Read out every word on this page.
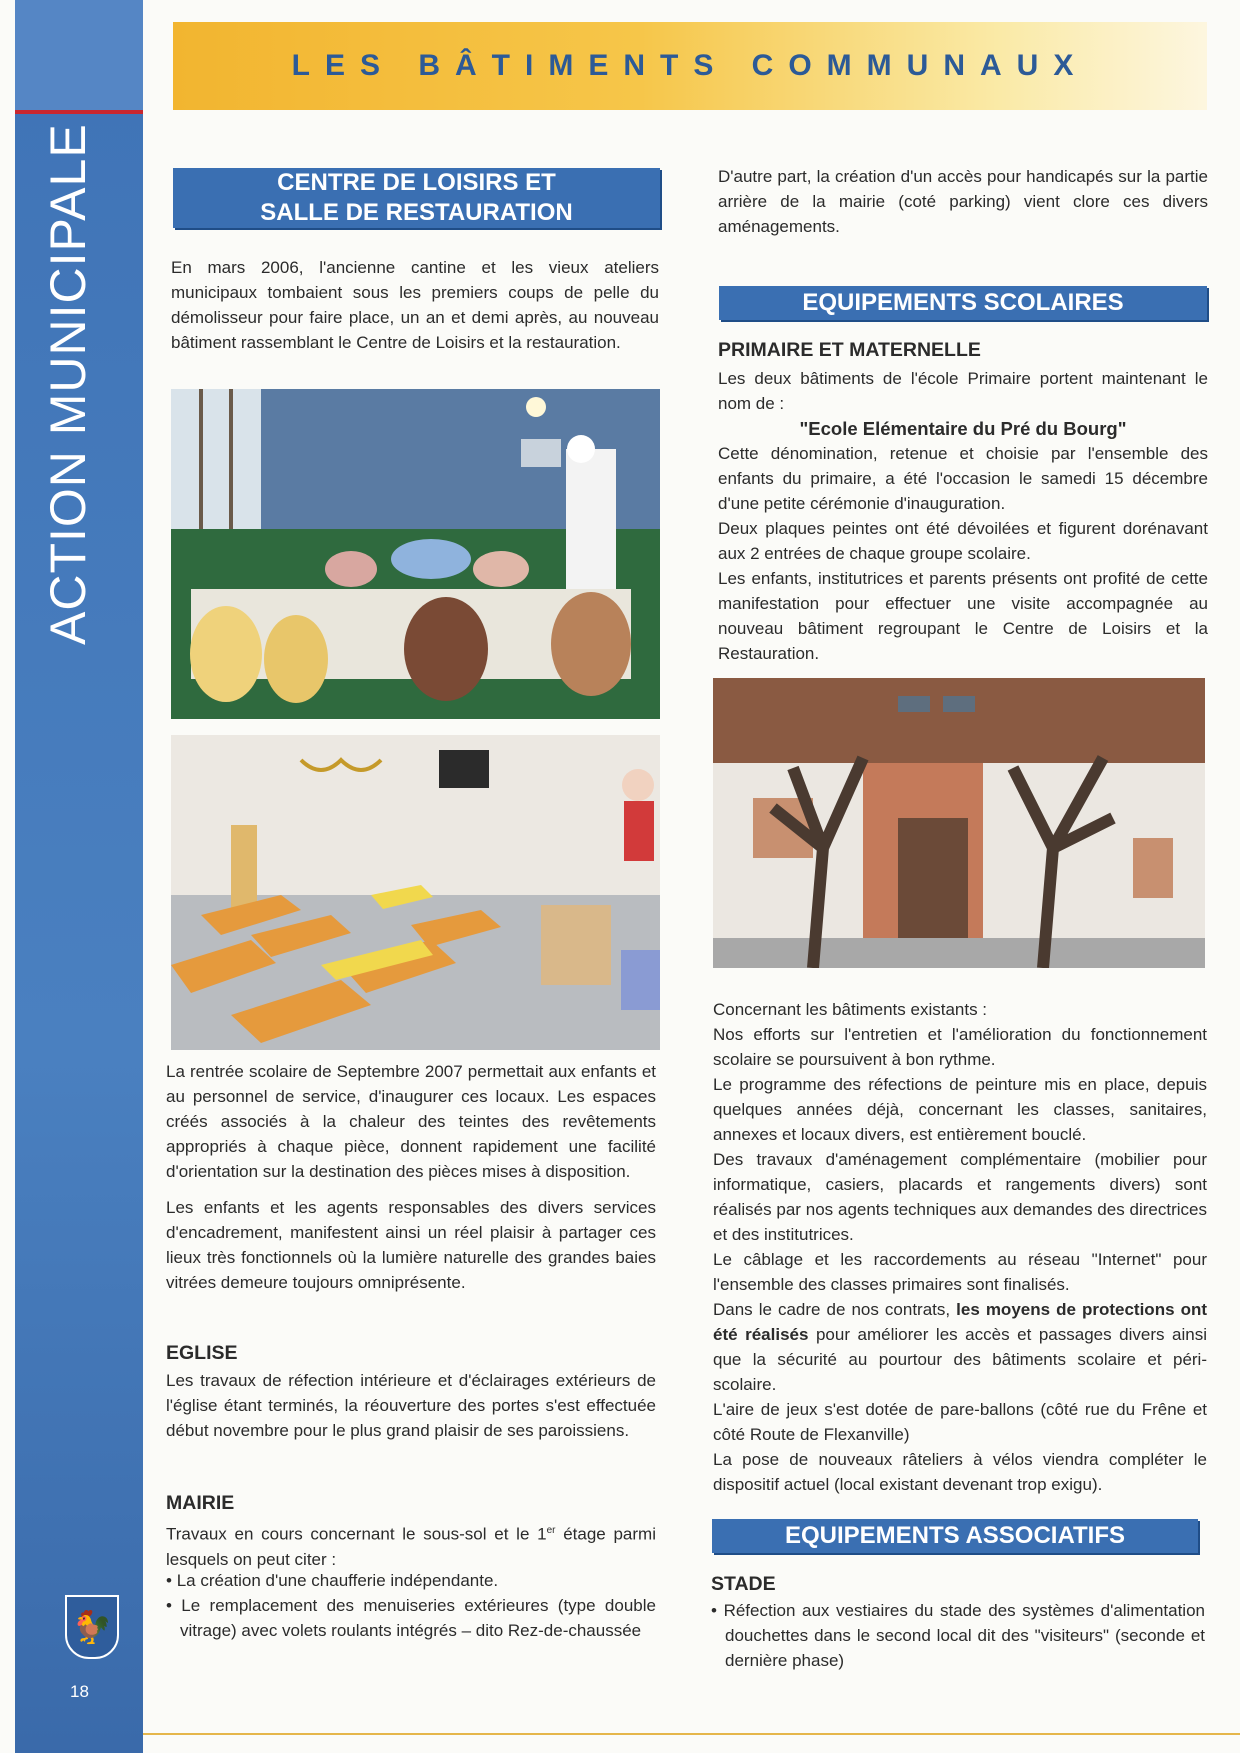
ACTION MUNICIPALE
🐓
18
LES BÂTIMENTS COMMUNAUX
CENTRE DE LOISIRS ET
SALLE DE RESTAURATION
En mars 2006, l'ancienne cantine et les vieux ateliers municipaux tombaient sous les premiers coups de pelle du démolisseur pour faire place, un an et demi après, au nouveau bâtiment rassemblant le Centre de Loisirs et la restauration.
La rentrée scolaire de Septembre 2007 permettait aux enfants et au personnel de service, d'inaugurer ces locaux. Les espaces créés associés à la chaleur des teintes des revêtements appropriés à chaque pièce, donnent rapidement une facilité d'orientation sur la destination des pièces mises à disposition.
Les enfants et les agents responsables des divers services d'encadrement, manifestent ainsi un réel plaisir à partager ces lieux très fonctionnels où la lumière naturelle des grandes baies vitrées demeure toujours omniprésente.
EGLISE
Les travaux de réfection intérieure et d'éclairages extérieurs de l'église étant terminés, la réouverture des portes s'est effectuée début novembre pour le plus grand plaisir de ses paroissiens.
MAIRIE
Travaux en cours concernant le sous-sol et le 1er étage parmi lesquels on peut citer :
• La création d'une chaufferie indépendante.
• Le remplacement des menuiseries extérieures (type double vitrage) avec volets roulants intégrés – dito Rez-de-chaussée
D'autre part, la création d'un accès pour handicapés sur la partie arrière de la mairie (coté parking) vient clore ces divers aménagements.
EQUIPEMENTS SCOLAIRES
PRIMAIRE ET MATERNELLE
Les deux bâtiments de l'école Primaire portent maintenant le nom de :
"Ecole Elémentaire du Pré du Bourg"

Cette dénomination, retenue et choisie par l'ensemble des enfants du primaire, a été l'occasion le samedi 15 décembre d'une petite cérémonie d'inauguration.

Deux plaques peintes ont été dévoilées et figurent dorénavant aux 2 entrées de chaque groupe scolaire.

Les enfants, institutrices et parents présents ont profité de cette manifestation pour effectuer une visite accompagnée au nouveau bâtiment regroupant le Centre de Loisirs et la Restauration.

Concernant les bâtiments existants :

Nos efforts sur l'entretien et l'amélioration du fonctionnement scolaire se poursuivent à bon rythme.

Le programme des réfections de peinture mis en place, depuis quelques années déjà, concernant les classes, sanitaires, annexes et locaux divers, est entièrement bouclé.

Des travaux d'aménagement complémentaire (mobilier pour informatique, casiers, placards et rangements divers) sont réalisés par nos agents techniques aux demandes des directrices et des institutrices.

Le câblage et les raccordements au réseau "Internet" pour l'ensemble des classes primaires sont finalisés.

Dans le cadre de nos contrats, les moyens de protections ont été réalisés pour améliorer les accès et passages divers ainsi que la sécurité au pourtour des bâtiments scolaire et péri-scolaire.

L'aire de jeux s'est dotée de pare-ballons (côté rue du Frêne et côté Route de Flexanville)

La pose de nouveaux râteliers à vélos viendra compléter le dispositif actuel (local existant devenant trop exigu).

EQUIPEMENTS ASSOCIATIFS
STADE
• Réfection aux vestiaires du stade des systèmes d'alimentation douchettes dans le second local dit des "visiteurs" (seconde et dernière phase)
